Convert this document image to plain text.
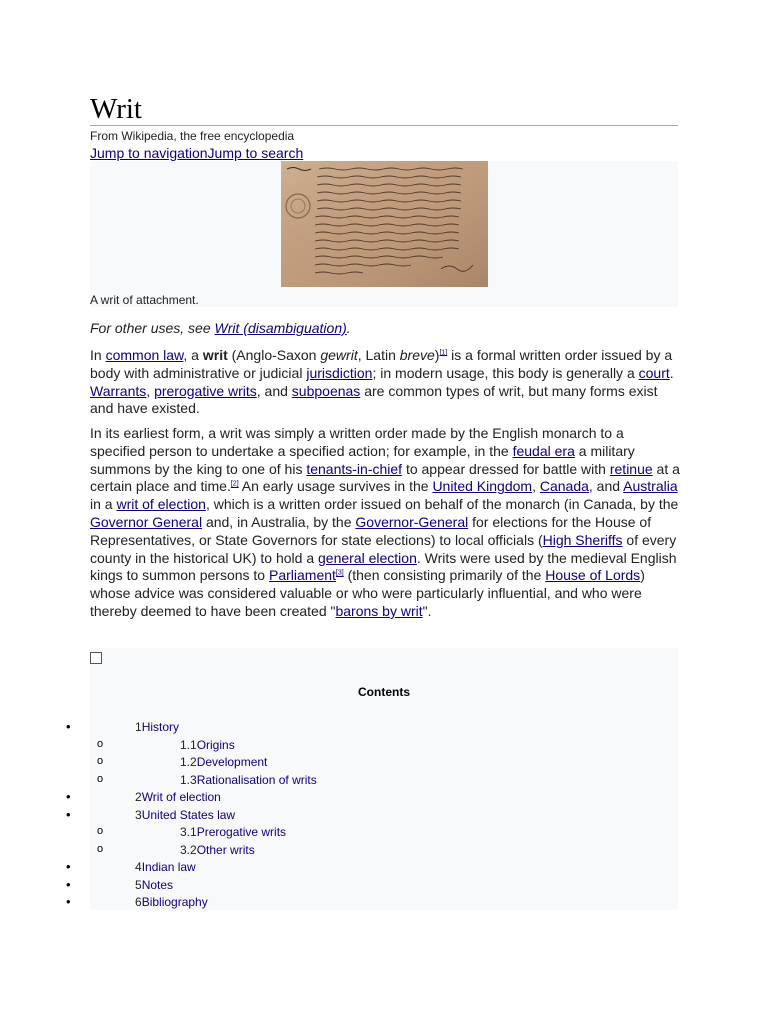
Writ
From Wikipedia, the free encyclopedia
Jump to navigationJump to search
A writ of attachment.
For other uses, see Writ (disambiguation).
In common law, a writ (Anglo-Saxon gewrit, Latin breve)[1] is a formal written order issued by a body with administrative or judicial jurisdiction; in modern usage, this body is generally a court. Warrants, prerogative writs, and subpoenas are common types of writ, but many forms exist and have existed.
In its earliest form, a writ was simply a written order made by the English monarch to a specified person to undertake a specified action; for example, in the feudal era a military summons by the king to one of his tenants-in-chief to appear dressed for battle with retinue at a certain place and time.[2] An early usage survives in the United Kingdom, Canada, and Australia in a writ of election, which is a written order issued on behalf of the monarch (in Canada, by the Governor General and, in Australia, by the Governor-General for elections for the House of Representatives, or State Governors for state elections) to local officials (High Sheriffs of every county in the historical UK) to hold a general election. Writs were used by the medieval English kings to summon persons to Parliament[3] (then consisting primarily of the House of Lords) whose advice was considered valuable or who were particularly influential, and who were thereby deemed to have been created "barons by writ".
Contents
•	1History
o	1.1Origins
o	1.2Development
o	1.3Rationalisation of writs
•	2Writ of election
•	3United States law
o	3.1Prerogative writs
o	3.2Other writs
•	4Indian law
•	5Notes
•	6Bibliography
